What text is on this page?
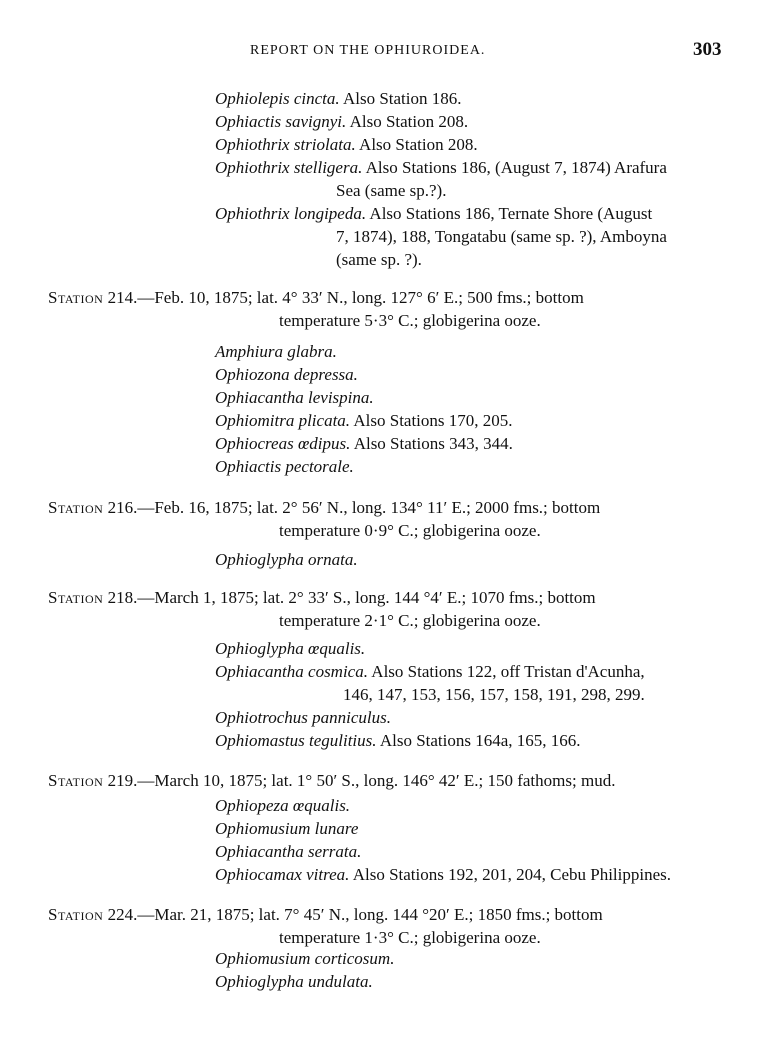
REPORT ON THE OPHIUROIDEA.	303
Ophiolepis cincta. Also Station 186.
Ophiactis savignyi. Also Station 208.
Ophiothrix striolata. Also Station 208.
Ophiothrix stelligera. Also Stations 186, (August 7, 1874) Arafura
Sea (same sp.?).
Ophiothrix longipeda. Also Stations 186, Ternate Shore (August
7, 1874), 188, Tongatabu (same sp. ?), Amboyna
(same sp. ?).
Station 214.—Feb. 10, 1875; lat. 4° 33′ N., long. 127° 6′ E.; 500 fms.; bottom
temperature 5·3° C.; globigerina ooze.
Amphiura glabra.
Ophiozona depressa.
Ophiacantha levispina.
Ophiomitra plicata. Also Stations 170, 205.
Ophiocreas œdipus. Also Stations 343, 344.
Ophiactis pectorale.
Station 216.—Feb. 16, 1875; lat. 2° 56′ N., long. 134° 11′ E.; 2000 fms.; bottom
temperature 0·9° C.; globigerina ooze.
Ophioglypha ornata.
Station 218.—March 1, 1875; lat. 2° 33′ S., long. 144 °4′ E.; 1070 fms.; bottom
temperature 2·1° C.; globigerina ooze.
Ophioglypha œqualis.
Ophiacantha cosmica. Also Stations 122, off Tristan d'Acunha,
146, 147, 153, 156, 157, 158, 191, 298, 299.
Ophiotrochus panniculus.
Ophiomastus tegulitius. Also Stations 164a, 165, 166.
Station 219.—March 10, 1875; lat. 1° 50′ S., long. 146° 42′ E.; 150 fathoms; mud.
Ophiopeza œqualis.
Ophiomusium lunare
Ophiacantha serrata.
Ophiocamax vitrea. Also Stations 192, 201, 204, Cebu Philippines.
Station 224.—Mar. 21, 1875; lat. 7° 45′ N., long. 144 °20′ E.; 1850 fms.; bottom
temperature 1·3° C.; globigerina ooze.
Ophiomusium corticosum.
Ophioglypha undulata.
